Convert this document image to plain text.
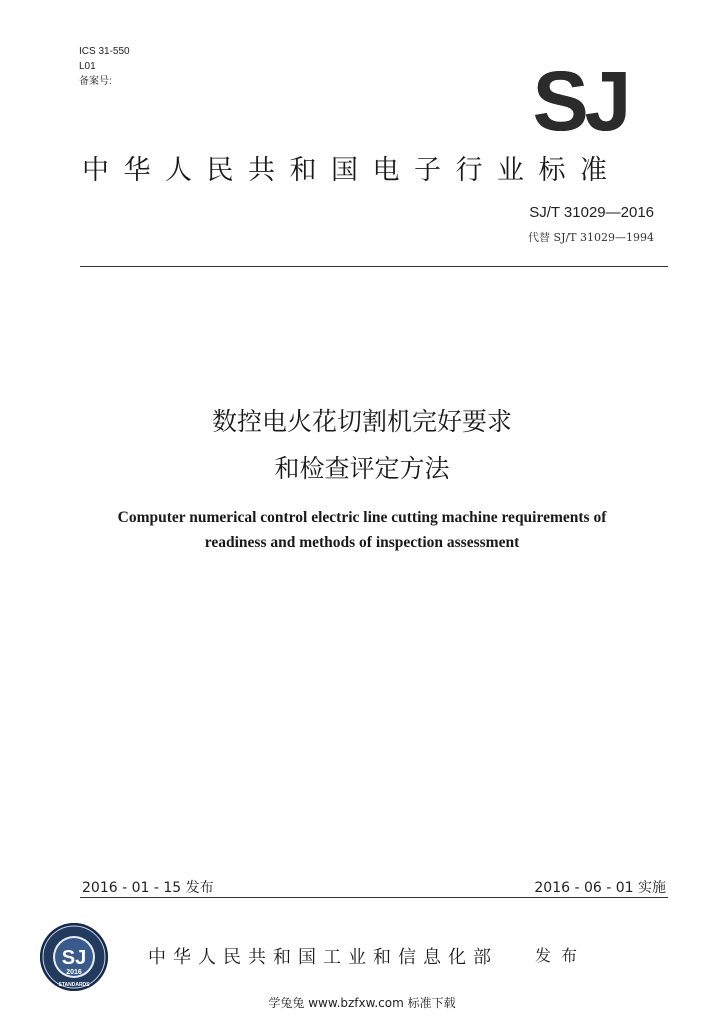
ICS 31-550
L01
备案号:	SJ
中华人民共和国电子行业标准
SJ/T 31029—2016
代替 SJ/T 31029—1994
数控电火花切割机完好要求
和检查评定方法
Computer numerical control electric line cutting machine requirements of
readiness and methods of inspection assessment
2016 - 01 - 15 发布	2016 - 06 - 01 实施
SJ
2016
STANDARDS
中华人民共和国工业和信息化部 发布
学兔兔 www.bzfxw.com 标准下载
